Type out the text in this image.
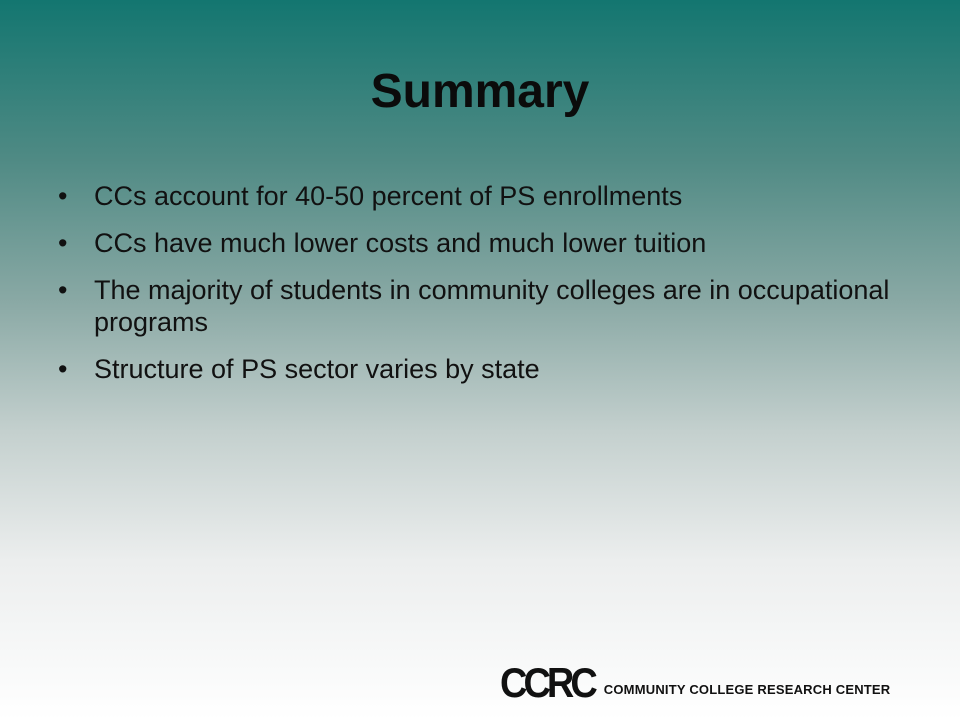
Summary
• CCs account for 40-50 percent of PS enrollments
• CCs have much lower costs and much lower tuition
• The majority of students in community colleges are in occupational programs
• Structure of PS sector varies by state
CCRC COMMUNITY COLLEGE RESEARCH CENTER
